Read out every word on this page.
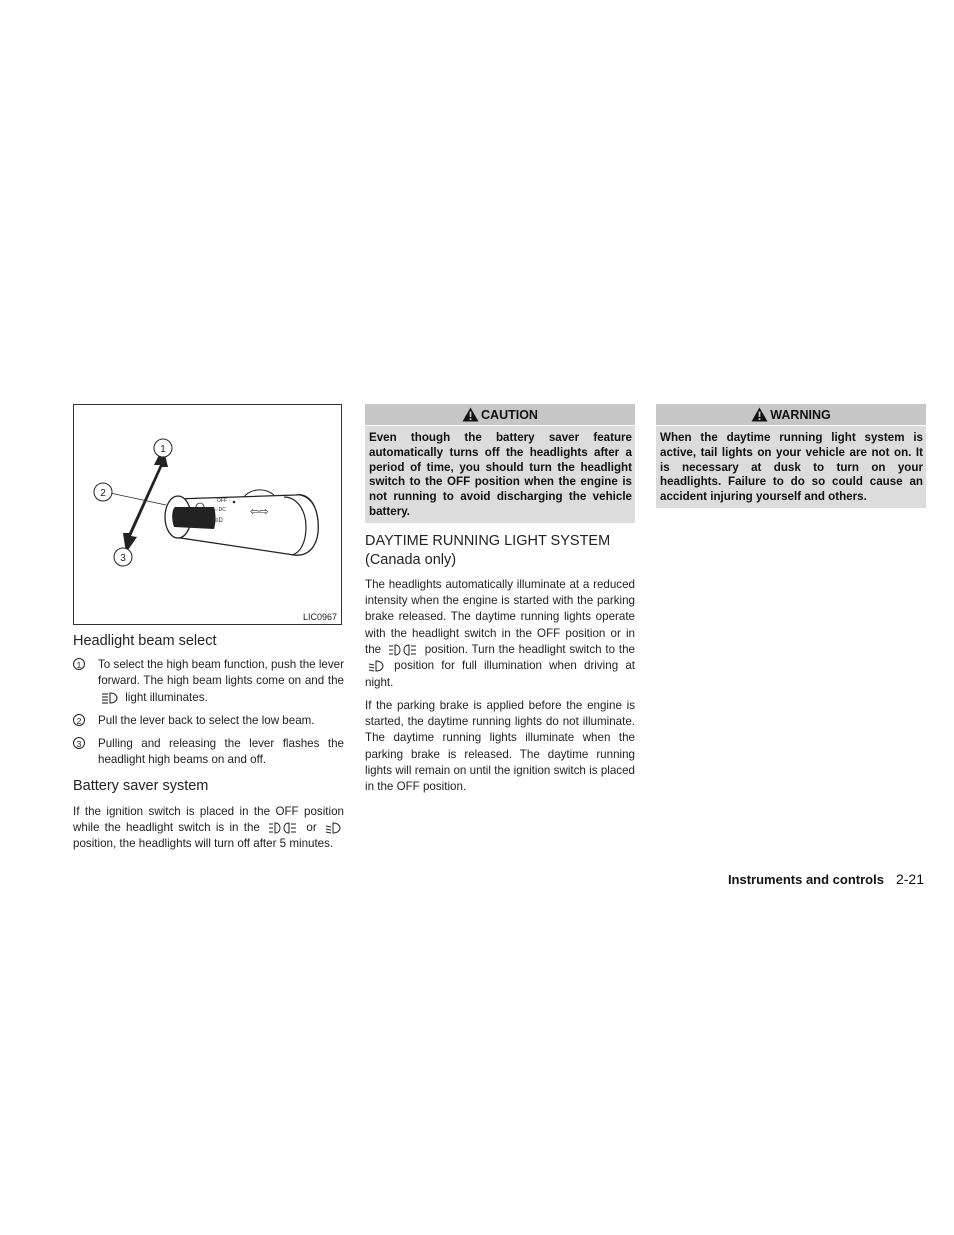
OFF
☼DC
≡D
⇦⇨
1
2
3
LIC0967
Headlight beam select
1	To select the high beam function, push the lever forward. The high beam lights come on and the  light illuminates.
2	Pull the lever back to select the low beam.
3	Pulling and releasing the lever flashes the headlight high beams on and off.
Battery saver system

If the ignition switch is placed in the OFF position while the headlight switch is in the	or  position, the headlights will turn off after 5 minutes.

CAUTION
Even though the battery saver feature automatically turns off the headlights after a period of time, you should turn the headlight switch to the OFF position when the engine is not running to avoid discharging the vehicle battery.
DAYTIME RUNNING LIGHT SYSTEM
(Canada only)

The headlights automatically illuminate at a reduced intensity when the engine is started with the parking brake released. The daytime running lights operate with the headlight switch in the OFF position or in the	position. Turn the headlight switch to the  position for full illumination when driving at night.

If the parking brake is applied before the engine is started, the daytime running lights do not illuminate. The daytime running lights illuminate when the parking brake is released. The daytime running lights will remain on until the ignition switch is placed in the OFF position.

WARNING
When the daytime running light system is active, tail lights on your vehicle are not on. It is necessary at dusk to turn on your headlights. Failure to do so could cause an accident injuring yourself and others.
Instruments and controls 2-21
